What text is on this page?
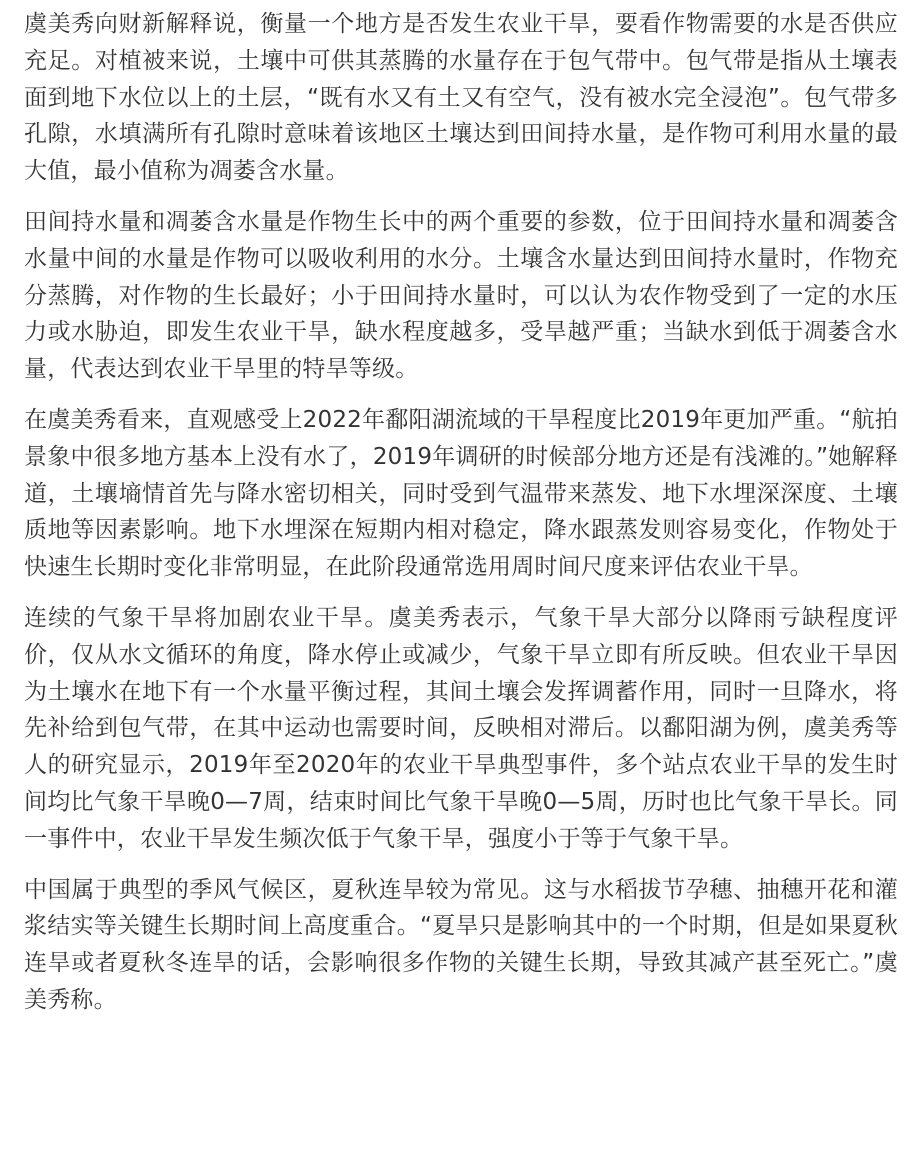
虞美秀向财新解释说，衡量一个地方是否发生农业干旱，要看作物需要的水是否供应充足。对植被来说，土壤中可供其蒸腾的水量存在于包气带中。包气带是指从土壤表面到地下水位以上的土层，“既有水又有土又有空气，没有被水完全浸泡”。包气带多孔隙，水填满所有孔隙时意味着该地区土壤达到田间持水量，是作物可利用水量的最大值，最小值称为凋萎含水量。

田间持水量和凋萎含水量是作物生长中的两个重要的参数，位于田间持水量和凋萎含水量中间的水量是作物可以吸收利用的水分。土壤含水量达到田间持水量时，作物充分蒸腾，对作物的生长最好；小于田间持水量时，可以认为农作物受到了一定的水压力或水胁迫，即发生农业干旱，缺水程度越多，受旱越严重；当缺水到低于凋萎含水量，代表达到农业干旱里的特旱等级。

在虞美秀看来，直观感受上2022年鄱阳湖流域的干旱程度比2019年更加严重。“航拍景象中很多地方基本上没有水了，2019年调研的时候部分地方还是有浅滩的。”她解释道，土壤墒情首先与降水密切相关，同时受到气温带来蒸发、地下水埋深深度、土壤质地等因素影响。地下水埋深在短期内相对稳定，降水跟蒸发则容易变化，作物处于快速生长期时变化非常明显，在此阶段通常选用周时间尺度来评估农业干旱。

连续的气象干旱将加剧农业干旱。虞美秀表示，气象干旱大部分以降雨亏缺程度评价，仅从水文循环的角度，降水停止或减少，气象干旱立即有所反映。但农业干旱因为土壤水在地下有一个水量平衡过程，其间土壤会发挥调蓄作用，同时一旦降水，将先补给到包气带，在其中运动也需要时间，反映相对滞后。以鄱阳湖为例，虞美秀等人的研究显示，2019年至2020年的农业干旱典型事件，多个站点农业干旱的发生时间均比气象干旱晚0—7周，结束时间比气象干旱晚0—5周，历时也比气象干旱长。同一事件中，农业干旱发生频次低于气象干旱，强度小于等于气象干旱。

中国属于典型的季风气候区，夏秋连旱较为常见。这与水稻拔节孕穗、抽穗开花和灌浆结实等关键生长期时间上高度重合。“夏旱只是影响其中的一个时期，但是如果夏秋连旱或者夏秋冬连旱的话，会影响很多作物的关键生长期，导致其减产甚至死亡。”虞美秀称。
